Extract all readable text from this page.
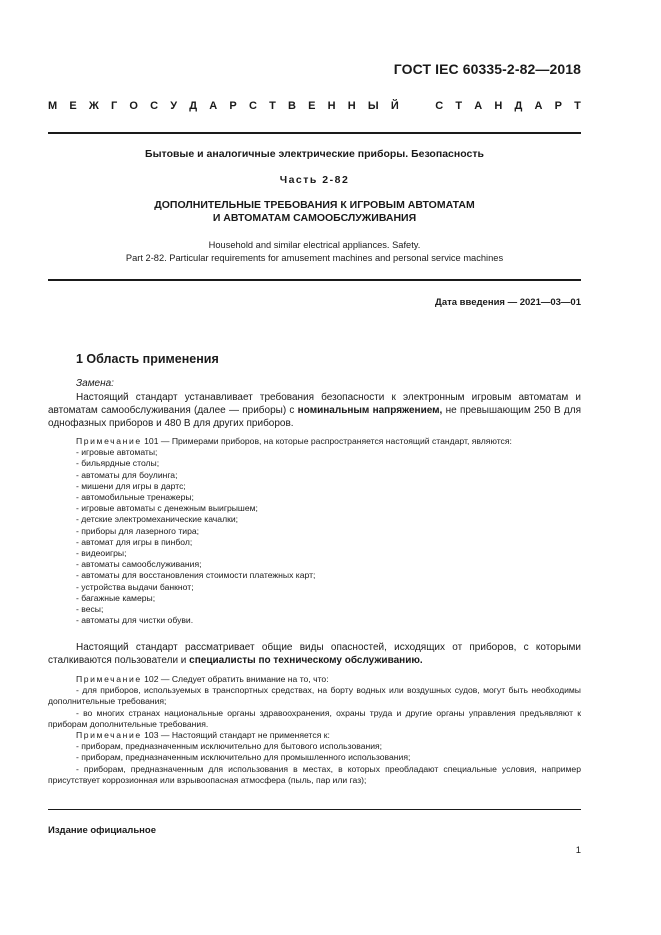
ГОСТ IEC 60335-2-82—2018
М Е Ж Г О С У Д А Р С Т В Е Н Н Ы Й	С Т А Н Д А Р Т
Бытовые и аналогичные электрические приборы. Безопасность
Часть 2-82
ДОПОЛНИТЕЛЬНЫЕ ТРЕБОВАНИЯ К ИГРОВЫМ АВТОМАТАМ
И АВТОМАТАМ САМООБСЛУЖИВАНИЯ
Household and similar electrical appliances. Safety.
Part 2-82. Particular requirements for amusement machines and personal service machines
Дата введения — 2021—03—01
1 Область применения
Замена:
Настоящий стандарт устанавливает требования безопасности к электронным игровым автоматам и автоматам самообслуживания (далее — приборы) с номинальным напряжением, не превышающим 250 В для однофазных приборов и 480 В для других приборов.
Примечание 101 — Примерами приборов, на которые распространяется настоящий стандарт, являются:
- игровые автоматы;
- бильярдные столы;
- автоматы для боулинга;
- мишени для игры в дартс;
- автомобильные тренажеры;
- игровые автоматы с денежным выигрышем;
- детские электромеханические качалки;
- приборы для лазерного тира;
- автомат для игры в пинбол;
- видеоигры;
- автоматы самообслуживания;
- автоматы для восстановления стоимости платежных карт;
- устройства выдачи банкнот;
- багажные камеры;
- весы;
- автоматы для чистки обуви.
Настоящий стандарт рассматривает общие виды опасностей, исходящих от приборов, с которыми сталкиваются пользователи и специалисты по техническому обслуживанию.
Примечание 102 — Следует обратить внимание на то, что:
- для приборов, используемых в транспортных средствах, на борту водных или воздушных судов, могут быть необходимы дополнительные требования;
- во многих странах национальные органы здравоохранения, охраны труда и другие органы управления предъявляют к приборам дополнительные требования.
Примечание 103 — Настоящий стандарт не применяется к:
- приборам, предназначенным исключительно для бытового использования;
- приборам, предназначенным исключительно для промышленного использования;
- приборам, предназначенным для использования в местах, в которых преобладают специальные условия, например присутствует коррозионная или взрывоопасная атмосфера (пыль, пар или газ);
Издание официальное
1
